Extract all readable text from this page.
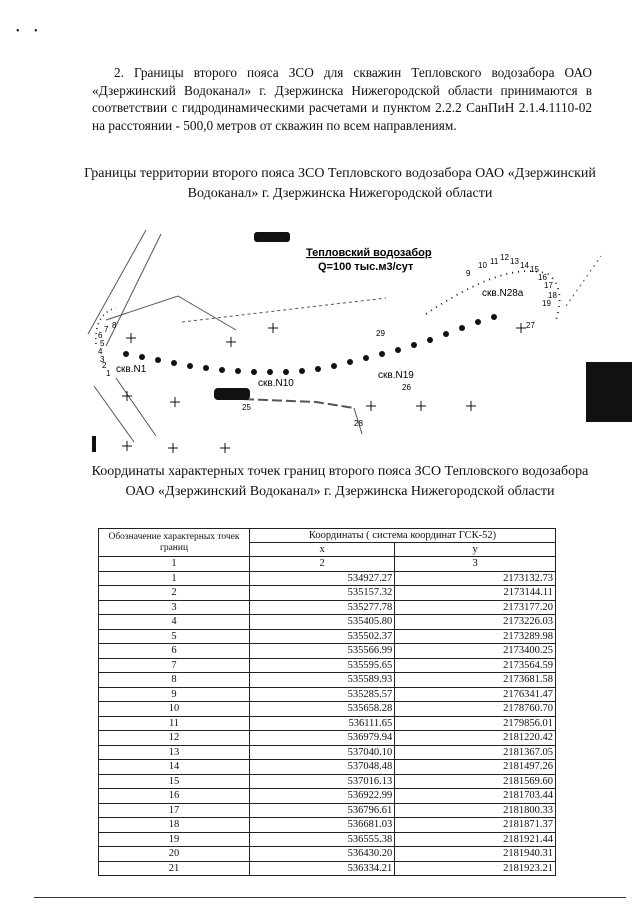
• •

2. Границы второго пояса ЗСО для скважин Тепловского водозабора ОАО «Дзержинский Водоканал» г. Дзержинска Нижегородской области принимаются в соответствии с гидродинамическими расчетами и пунктом 2.2.2 СанПиН 2.1.4.1110-02 на расстоянии - 500,0 метров от скважин по всем направлениям.

Границы территории второго пояса ЗСО Тепловского водозабора ОАО «Дзержинский Водоканал» г. Дзержинска Нижегородской области
Тепловский водозабор
Q=100 тыс.м3/сут
скв.N1
скв.N10
скв.N19
скв.N28а
7 8
6
5
4
3
2
1
25
26
27
28
29
19
18
17
16
15
14
13
12
11
10
9
Координаты характерных точек границ второго пояса ЗСО Тепловского водозабора ОАО «Дзержинский Водоканал» г. Дзержинска Нижегородской области
Обозначение характерных точек границ	Координаты ( система координат ГСК-52)	
	х	у
1	2	3
1	534927.27	2173132.73
2	535157.32	2173144.11
3	535277.78	2173177.20
4	535405.80	2173226.03
5	535502.37	2173289.98
6	535566.99	2173400.25
7	535595.65	2173564.59
8	535589.93	2173681.58
9	535285.57	2176341.47
10	535658.28	2178760.70
11	536111.65	2179856.01
12	536979.94	2181220.42
13	537040.10	2181367.05
14	537048.48	2181497.26
15	537016.13	2181569.60
16	536922.99	2181703.44
17	536796.61	2181800.33
18	536681.03	2181871.37
19	536555.38	2181921.44
20	536430.20	2181940.31
21	536334.21	2181923.21
